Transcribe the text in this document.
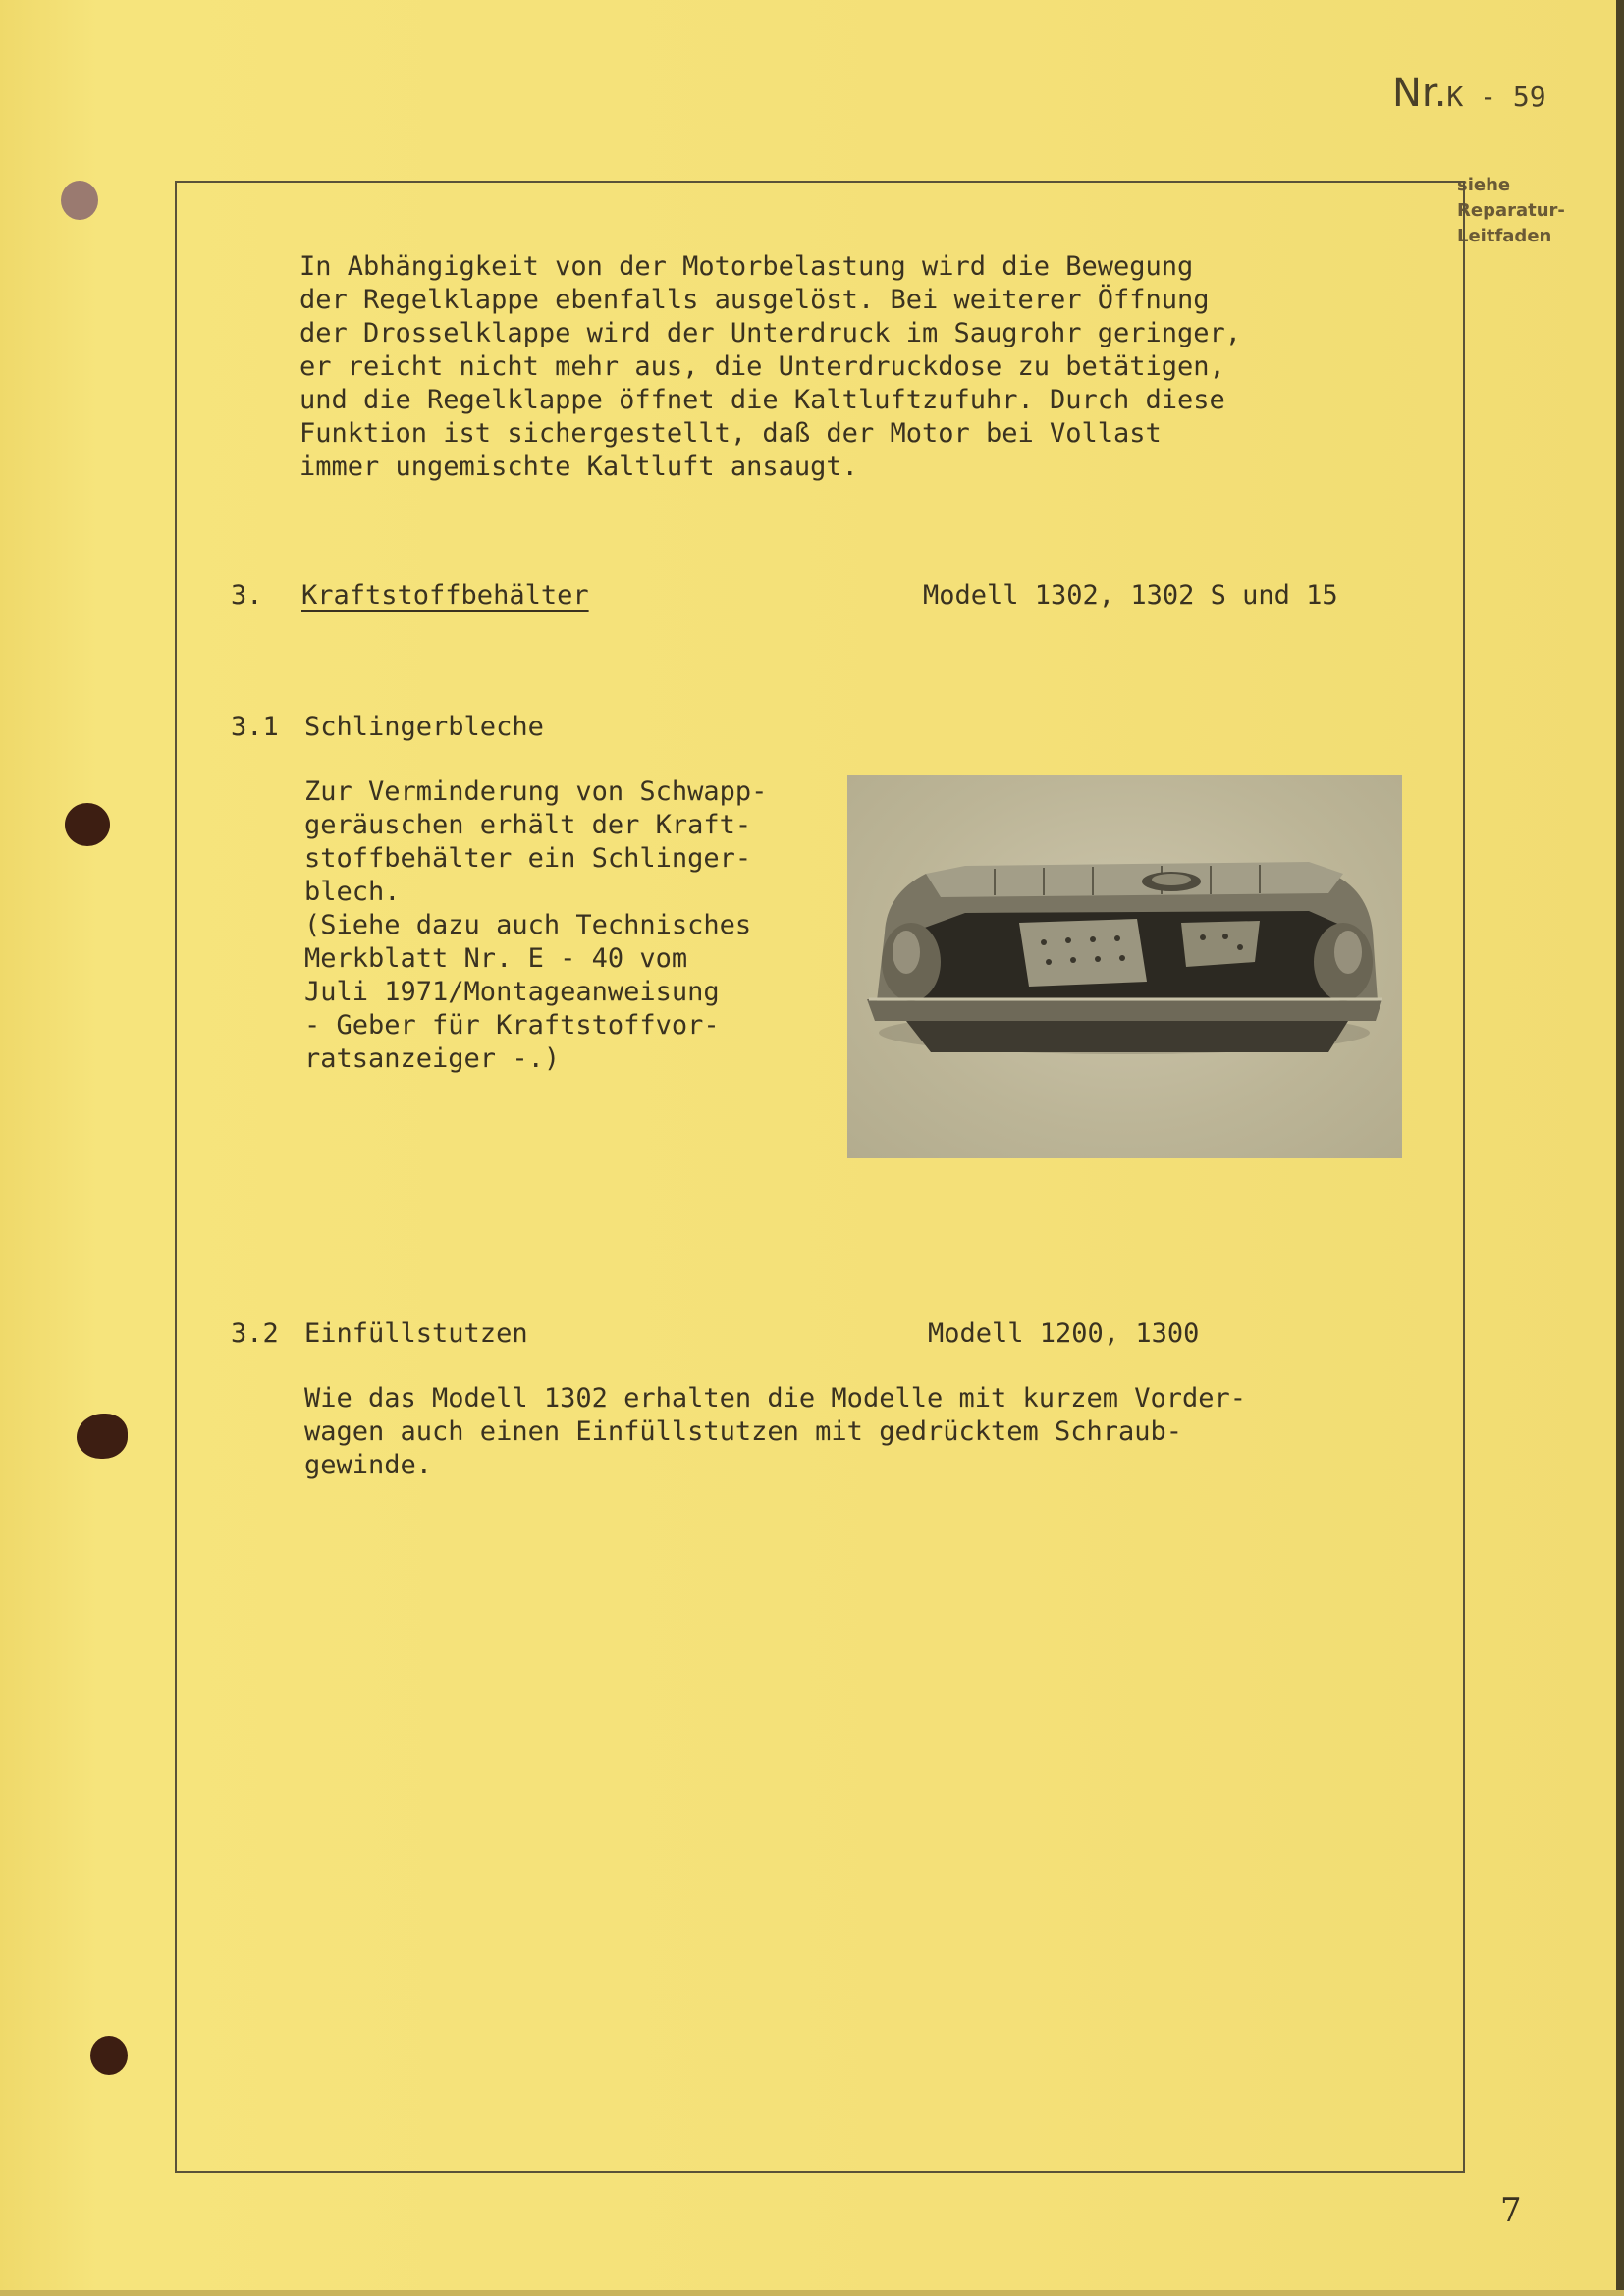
Nr.K - 59
siehe
Reparatur-
Leitfaden
In Abhängigkeit von der Motorbelastung wird die Bewegung
der Regelklappe ebenfalls ausgelöst. Bei weiterer Öffnung
der Drosselklappe wird der Unterdruck im Saugrohr geringer,
er reicht nicht mehr aus, die Unterdruckdose zu betätigen,
und die Regelklappe öffnet die Kaltluftzufuhr. Durch diese
Funktion ist sichergestellt, daß der Motor bei Vollast
immer ungemischte Kaltluft ansaugt.
3. Kraftstoffbehälter	Modell 1302, 1302 S und 15
3.1 Schlingerbleche
Zur Verminderung von Schwapp-
geräuschen erhält der Kraft-
stoffbehälter ein Schlinger-
blech.
(Siehe dazu auch Technisches
Merkblatt Nr. E - 40 vom
Juli 1971/Montageanweisung
- Geber für Kraftstoffvor-
ratsanzeiger -.)
3.2 Einfüllstutzen	Modell 1200, 1300
Wie das Modell 1302 erhalten die Modelle mit kurzem Vorder-
wagen auch einen Einfüllstutzen mit gedrücktem Schraub-
gewinde.
7
